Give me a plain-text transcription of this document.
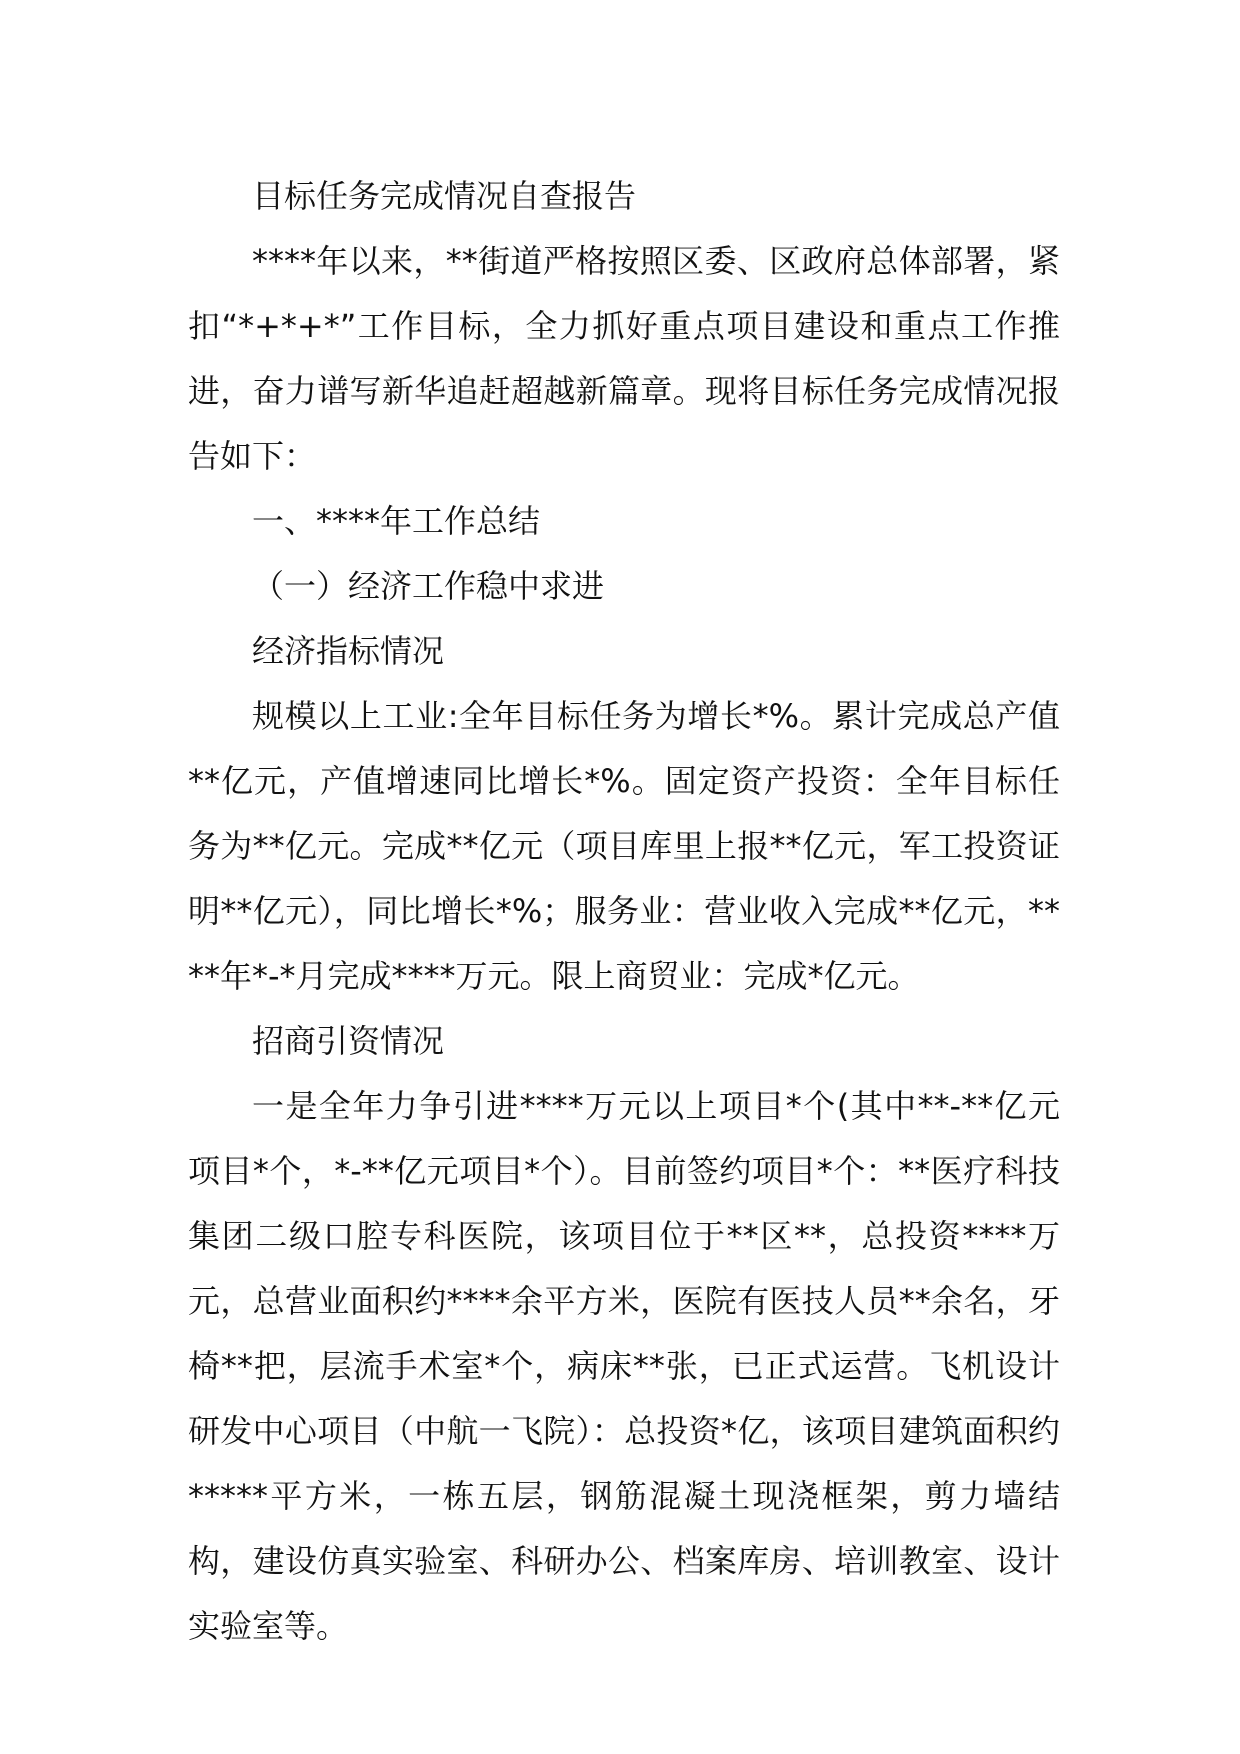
目标任务完成情况自查报告

****年以来，**街道严格按照区委、区政府总体部署，紧扣“*+*+*”工作目标，全力抓好重点项目建设和重点工作推进，奋力谱写新华追赶超越新篇章。现将目标任务完成情况报告如下：

一、****年工作总结

（一）经济工作稳中求进

经济指标情况

规模以上工业:全年目标任务为增长*%。累计完成总产值**亿元，产值增速同比增长*%。固定资产投资：全年目标任务为**亿元。完成**亿元（项目库里上报**亿元，军工投资证明**亿元），同比增长*%；服务业：营业收入完成**亿元，****年*-*月完成****万元。限上商贸业：完成*亿元。

招商引资情况

一是全年力争引进****万元以上项目*个(其中**-**亿元项目*个，*-**亿元项目*个）。目前签约项目*个：**医疗科技集团二级口腔专科医院，该项目位于**区**，总投资****万元，总营业面积约****余平方米，医院有医技人员**余名，牙椅**把，层流手术室*个，病床**张，已正式运营。飞机设计研发中心项目（中航一飞院）：总投资*亿，该项目建筑面积约*****平方米，一栋五层，钢筋混凝土现浇框架，剪力墙结构，建设仿真实验室、科研办公、档案库房、培训教室、设计实验室等。
